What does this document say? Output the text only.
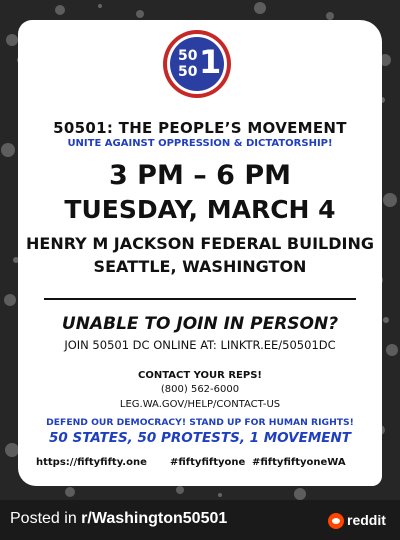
50
50 1
50501: THE PEOPLE’S MOVEMENT
UNITE AGAINST OPPRESSION & DICTATORSHIP!
3 PM – 6 PM
TUESDAY, MARCH 4
HENRY M JACKSON FEDERAL BUILDING
SEATTLE, WASHINGTON
UNABLE TO JOIN IN PERSON?
JOIN 50501 DC ONLINE AT: LINKTR.EE/50501DC
CONTACT YOUR REPS!
(800) 562-6000
LEG.WA.GOV/HELP/CONTACT-US
DEFEND OUR DEMOCRACY! STAND UP FOR HUMAN RIGHTS!
50 STATES, 50 PROTESTS, 1 MOVEMENT
https://fiftyfifty.one #fiftyfiftyone #fiftyfiftyoneWA
Posted in r/Washington50501	reddit
